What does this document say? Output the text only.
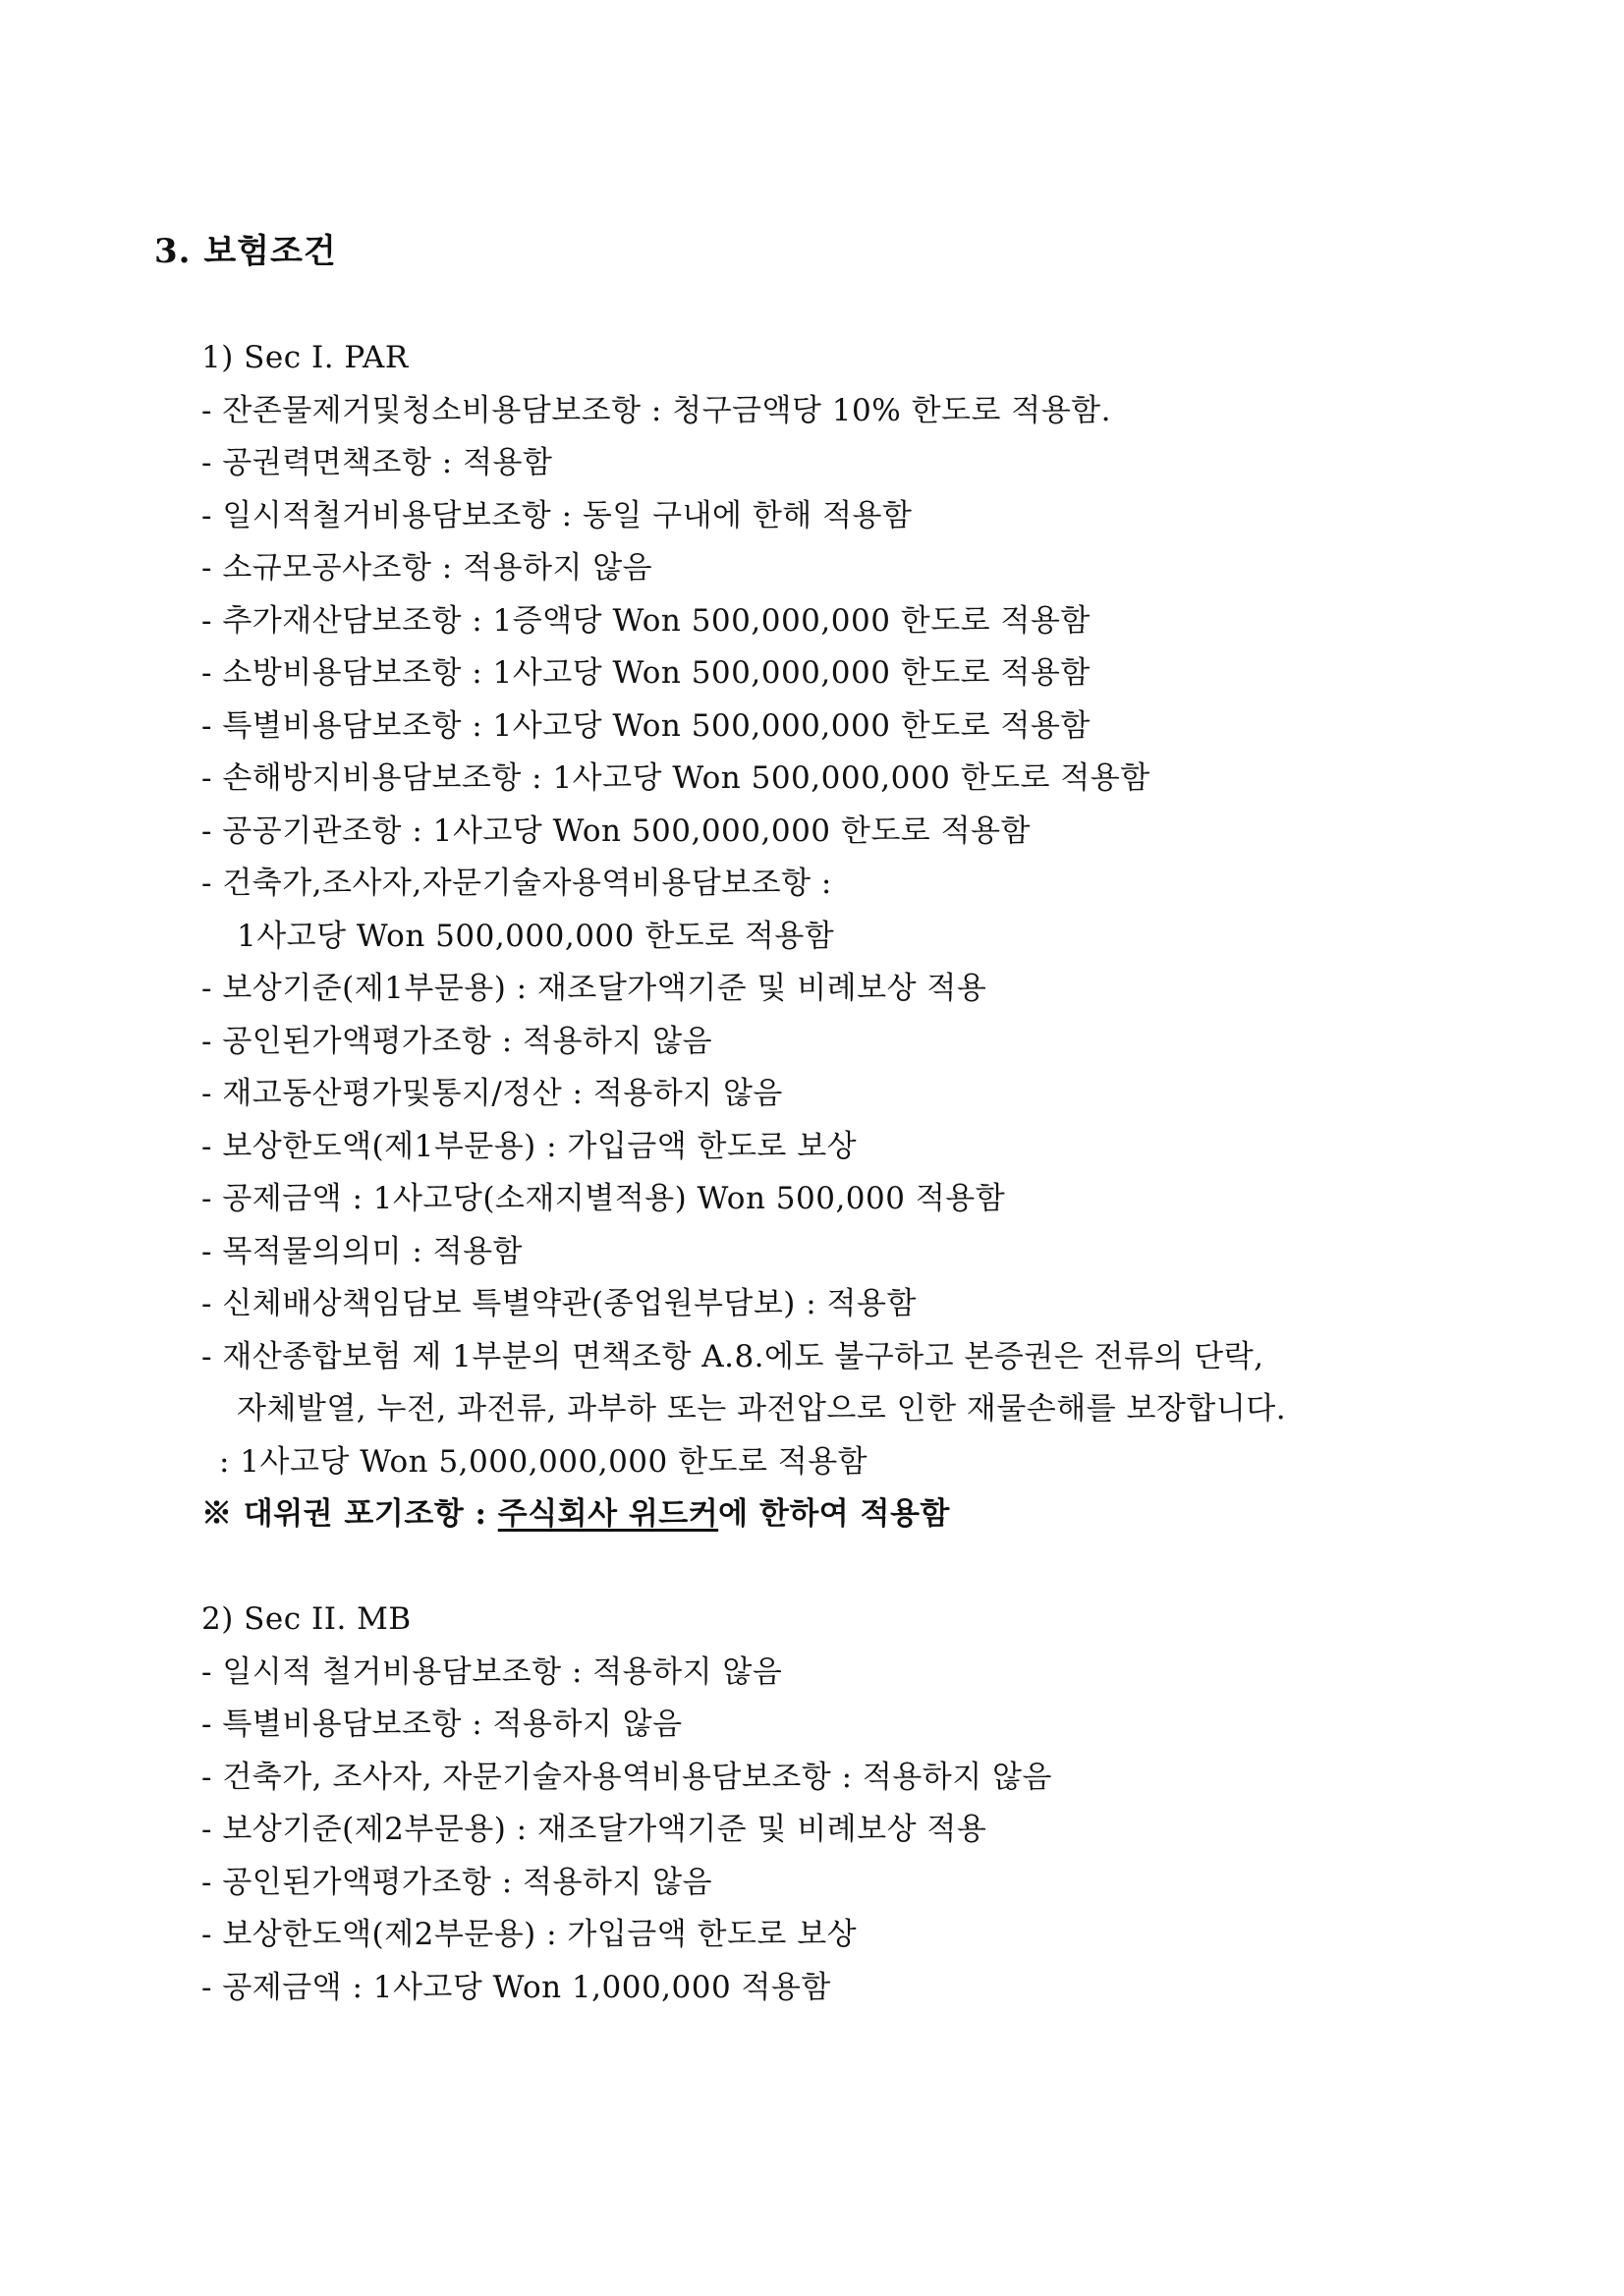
3. 보험조건
1) Sec I. PAR
- 잔존물제거및청소비용담보조항 : 청구금액당 10% 한도로 적용함.
- 공권력면책조항 : 적용함
- 일시적철거비용담보조항 : 동일 구내에 한해 적용함
- 소규모공사조항 : 적용하지 않음
- 추가재산담보조항 : 1증액당 Won 500,000,000 한도로 적용함
- 소방비용담보조항 : 1사고당 Won 500,000,000 한도로 적용함
- 특별비용담보조항 : 1사고당 Won 500,000,000 한도로 적용함
- 손해방지비용담보조항 : 1사고당 Won 500,000,000 한도로 적용함
- 공공기관조항 : 1사고당 Won 500,000,000 한도로 적용함
- 건축가,조사자,자문기술자용역비용담보조항 :
1사고당 Won 500,000,000 한도로 적용함
- 보상기준(제1부문용) : 재조달가액기준 및 비례보상 적용
- 공인된가액평가조항 : 적용하지 않음
- 재고동산평가및통지/정산 : 적용하지 않음
- 보상한도액(제1부문용) : 가입금액 한도로 보상
- 공제금액 : 1사고당(소재지별적용) Won 500,000 적용함
- 목적물의의미 : 적용함
- 신체배상책임담보 특별약관(종업원부담보) : 적용함
- 재산종합보험 제 1부분의 면책조항 A.8.에도 불구하고 본증권은 전류의 단락,
자체발열, 누전, 과전류, 과부하 또는 과전압으로 인한 재물손해를 보장합니다.
: 1사고당 Won 5,000,000,000 한도로 적용함
※ 대위권 포기조항 : 주식회사 위드커에 한하여 적용함
2) Sec II. MB
- 일시적 철거비용담보조항 : 적용하지 않음
- 특별비용담보조항 : 적용하지 않음
- 건축가, 조사자, 자문기술자용역비용담보조항 : 적용하지 않음
- 보상기준(제2부문용) : 재조달가액기준 및 비례보상 적용
- 공인된가액평가조항 : 적용하지 않음
- 보상한도액(제2부문용) : 가입금액 한도로 보상
- 공제금액 : 1사고당 Won 1,000,000 적용함
